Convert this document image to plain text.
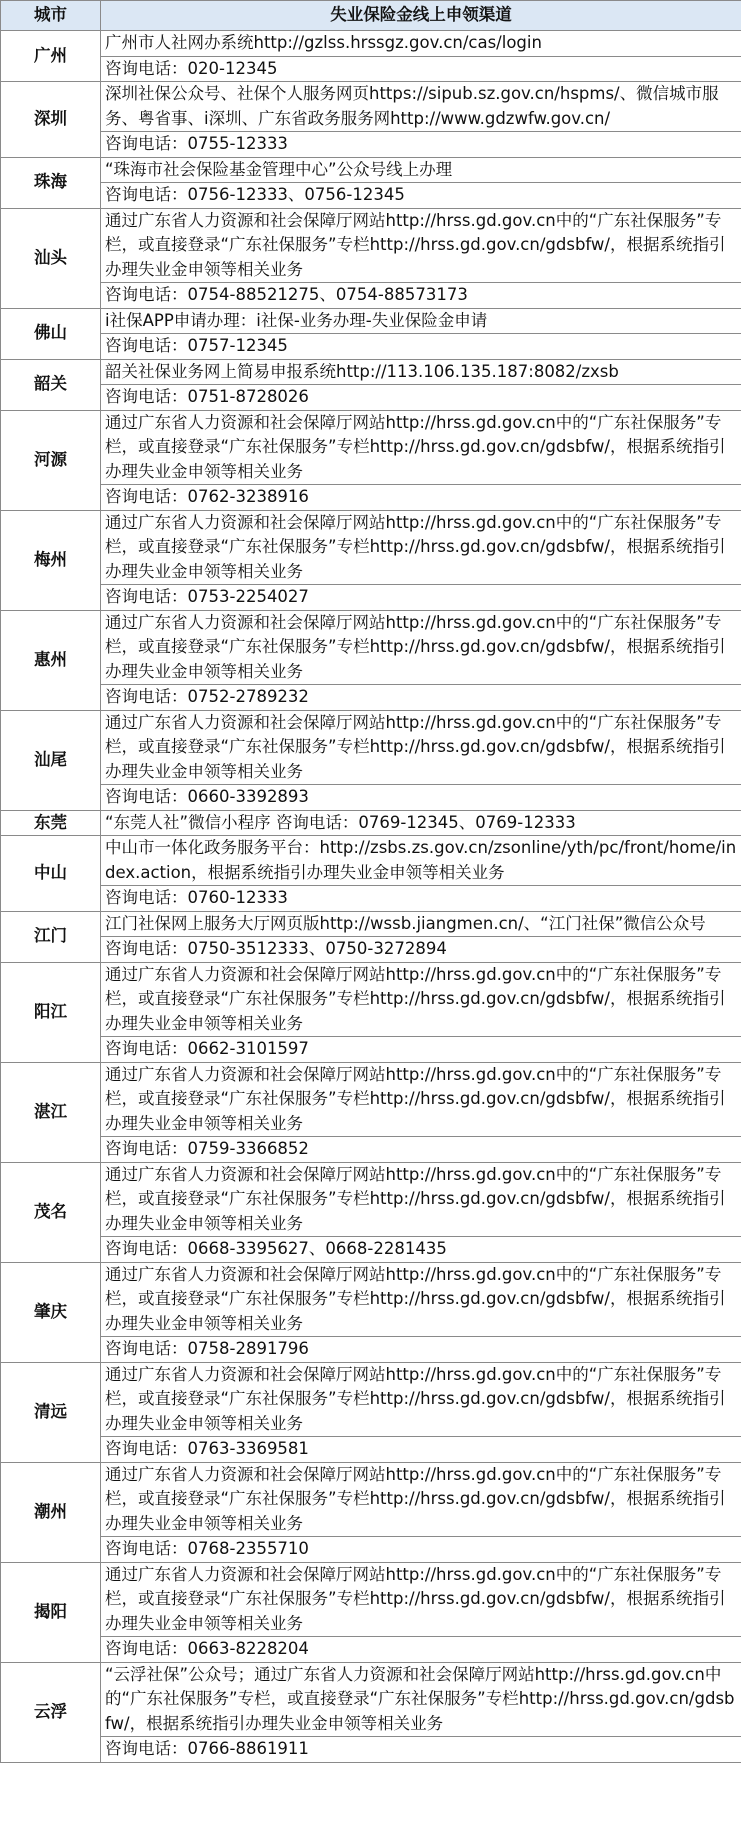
城市	失业保险金线上申领渠道
广州	广州市人社网办系统http://gzlss.hrssgz.gov.cn/cas/login
	咨询电话：020-12345
深圳	深圳社保公众号、社保个人服务网页https://sipub.sz.gov.cn/hspms/、微信城市服务、粤省事、i深圳、广东省政务服务网http://www.gdzwfw.gov.cn/
	咨询电话：0755-12333
珠海	“珠海市社会保险基金管理中心”公众号线上办理
	咨询电话：0756-12333、0756-12345
汕头	通过广东省人力资源和社会保障厅网站http://hrss.gd.gov.cn中的“广东社保服务”专栏，或直接登录“广东社保服务”专栏http://hrss.gd.gov.cn/gdsbfw/，根据系统指引办理失业金申领等相关业务
	咨询电话：0754-88521275、0754-88573173
佛山	i社保APP申请办理：i社保-业务办理-失业保险金申请
	咨询电话：0757-12345
韶关	韶关社保业务网上简易申报系统http://113.106.135.187:8082/zxsb
	咨询电话：0751-8728026
河源	通过广东省人力资源和社会保障厅网站http://hrss.gd.gov.cn中的“广东社保服务”专栏，或直接登录“广东社保服务”专栏http://hrss.gd.gov.cn/gdsbfw/，根据系统指引办理失业金申领等相关业务
	咨询电话：0762-3238916
梅州	通过广东省人力资源和社会保障厅网站http://hrss.gd.gov.cn中的“广东社保服务”专栏，或直接登录“广东社保服务”专栏http://hrss.gd.gov.cn/gdsbfw/，根据系统指引办理失业金申领等相关业务
	咨询电话：0753-2254027
惠州	通过广东省人力资源和社会保障厅网站http://hrss.gd.gov.cn中的“广东社保服务”专栏，或直接登录“广东社保服务”专栏http://hrss.gd.gov.cn/gdsbfw/，根据系统指引办理失业金申领等相关业务
	咨询电话：0752-2789232
汕尾	通过广东省人力资源和社会保障厅网站http://hrss.gd.gov.cn中的“广东社保服务”专栏，或直接登录“广东社保服务”专栏http://hrss.gd.gov.cn/gdsbfw/，根据系统指引办理失业金申领等相关业务
	咨询电话：0660-3392893
东莞	“东莞人社”微信小程序 咨询电话：0769-12345、0769-12333
中山	中山市一体化政务服务平台：http://zsbs.zs.gov.cn/zsonline/yth/pc/front/home/index.action，根据系统指引办理失业金申领等相关业务
	咨询电话：0760-12333
江门	江门社保网上服务大厅网页版http://wssb.jiangmen.cn/、“江门社保”微信公众号
	咨询电话：0750-3512333、0750-3272894
阳江	通过广东省人力资源和社会保障厅网站http://hrss.gd.gov.cn中的“广东社保服务”专栏，或直接登录“广东社保服务”专栏http://hrss.gd.gov.cn/gdsbfw/，根据系统指引办理失业金申领等相关业务
	咨询电话：0662-3101597
湛江	通过广东省人力资源和社会保障厅网站http://hrss.gd.gov.cn中的“广东社保服务”专栏，或直接登录“广东社保服务”专栏http://hrss.gd.gov.cn/gdsbfw/，根据系统指引办理失业金申领等相关业务
	咨询电话：0759-3366852
茂名	通过广东省人力资源和社会保障厅网站http://hrss.gd.gov.cn中的“广东社保服务”专栏，或直接登录“广东社保服务”专栏http://hrss.gd.gov.cn/gdsbfw/，根据系统指引办理失业金申领等相关业务
	咨询电话：0668-3395627、0668-2281435
肇庆	通过广东省人力资源和社会保障厅网站http://hrss.gd.gov.cn中的“广东社保服务”专栏，或直接登录“广东社保服务”专栏http://hrss.gd.gov.cn/gdsbfw/，根据系统指引办理失业金申领等相关业务
	咨询电话：0758-2891796
清远	通过广东省人力资源和社会保障厅网站http://hrss.gd.gov.cn中的“广东社保服务”专栏，或直接登录“广东社保服务”专栏http://hrss.gd.gov.cn/gdsbfw/，根据系统指引办理失业金申领等相关业务
	咨询电话：0763-3369581
潮州	通过广东省人力资源和社会保障厅网站http://hrss.gd.gov.cn中的“广东社保服务”专栏，或直接登录“广东社保服务”专栏http://hrss.gd.gov.cn/gdsbfw/，根据系统指引办理失业金申领等相关业务
	咨询电话：0768-2355710
揭阳	通过广东省人力资源和社会保障厅网站http://hrss.gd.gov.cn中的“广东社保服务”专栏，或直接登录“广东社保服务”专栏http://hrss.gd.gov.cn/gdsbfw/，根据系统指引办理失业金申领等相关业务
	咨询电话：0663-8228204
云浮	“云浮社保”公众号；通过广东省人力资源和社会保障厅网站http://hrss.gd.gov.cn中的“广东社保服务”专栏，或直接登录“广东社保服务”专栏http://hrss.gd.gov.cn/gdsbfw/，根据系统指引办理失业金申领等相关业务
	咨询电话：0766-8861911
